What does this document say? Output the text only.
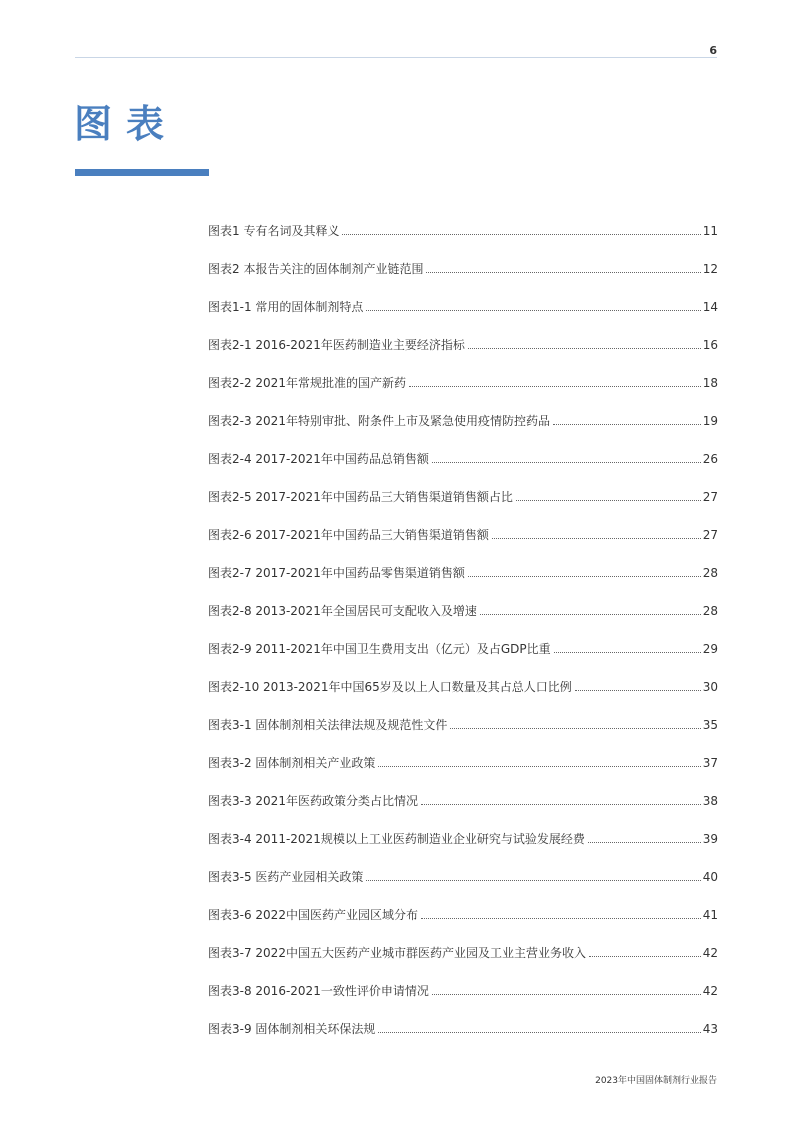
6
图表
图表1 专有名词及其释义	11
图表2 本报告关注的固体制剂产业链范围	12
图表1-1 常用的固体制剂特点	14
图表2-1 2016-2021年医药制造业主要经济指标	16
图表2-2 2021年常规批准的国产新药	18
图表2-3 2021年特别审批、附条件上市及紧急使用疫情防控药品	19
图表2-4 2017-2021年中国药品总销售额	26
图表2-5 2017-2021年中国药品三大销售渠道销售额占比	27
图表2-6 2017-2021年中国药品三大销售渠道销售额	27
图表2-7 2017-2021年中国药品零售渠道销售额	28
图表2-8 2013-2021年全国居民可支配收入及增速	28
图表2-9 2011-2021年中国卫生费用支出（亿元）及占GDP比重	29
图表2-10 2013-2021年中国65岁及以上人口数量及其占总人口比例	30
图表3-1 固体制剂相关法律法规及规范性文件	35
图表3-2 固体制剂相关产业政策	37
图表3-3 2021年医药政策分类占比情况	38
图表3-4 2011-2021规模以上工业医药制造业企业研究与试验发展经费	39
图表3-5 医药产业园相关政策	40
图表3-6 2022中国医药产业园区域分布	41
图表3-7 2022中国五大医药产业城市群医药产业园及工业主营业务收入	42
图表3-8 2016-2021一致性评价申请情况	42
图表3-9 固体制剂相关环保法规	43
2023年中国固体制剂行业报告
